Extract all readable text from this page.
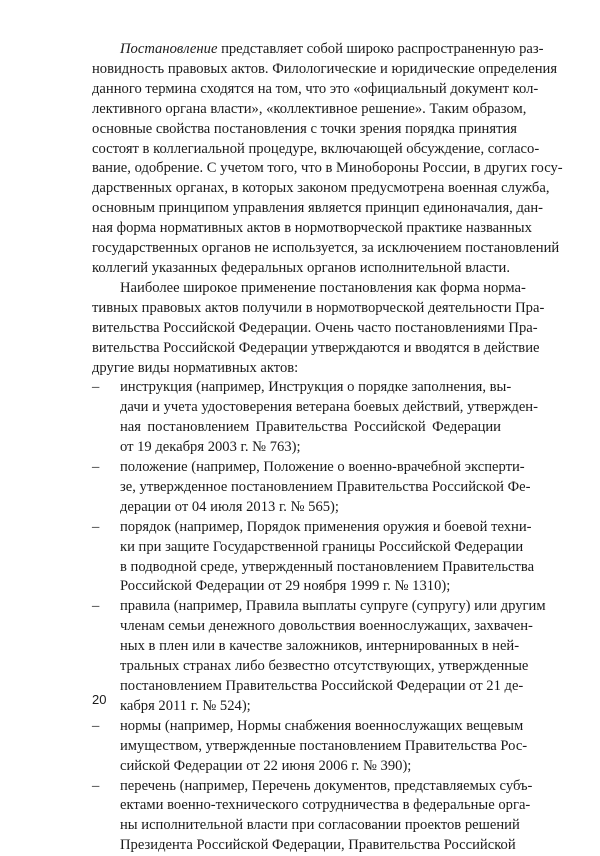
Постановление представляет собой широко распространенную раз-
новидность правовых актов. Филологические и юридические определения
данного термина сходятся на том, что это «официальный документ кол-
лективного органа власти», «коллективное решение». Таким образом,
основные свойства постановления с точки зрения порядка принятия
состоят в коллегиальной процедуре, включающей обсуждение, согласо-
вание, одобрение. С учетом того, что в Минобороны России, в других госу-
дарственных органах, в которых законом предусмотрена военная служба,
основным принципом управления является принцип единоначалия, дан-
ная форма нормативных актов в нормотворческой практике названных
государственных органов не используется, за исключением постановлений
коллегий указанных федеральных органов исполнительной власти.
Наиболее широкое применение постановления как форма норма-
тивных правовых актов получили в нормотворческой деятельности Пра-
вительства Российской Федерации. Очень часто постановлениями Пра-
вительства Российской Федерации утверждаются и вводятся в действие
другие виды нормативных актов:
– инструкция (например, Инструкция о порядке заполнения, вы-
дачи и учета удостоверения ветерана боевых действий, утвержден-
ная постановлением Правительства Российской Федерации
от 19 декабря 2003 г. № 763);
– положение (например, Положение о военно-врачебной эксперти-
зе, утвержденное постановлением Правительства Российской Фе-
дерации от 04 июля 2013 г. № 565);
– порядок (например, Порядок применения оружия и боевой техни-
ки при защите Государственной границы Российской Федерации
в подводной среде, утвержденный постановлением Правительства
Российской Федерации от 29 ноября 1999 г. № 1310);
– правила (например, Правила выплаты супруге (супругу) или другим
членам семьи денежного довольствия военнослужащих, захвачен-
ных в плен или в качестве заложников, интернированных в ней-
тральных странах либо безвестно отсутствующих, утвержденные
постановлением Правительства Российской Федерации от 21 де-
кабря 2011 г. № 524);
– нормы (например, Нормы снабжения военнослужащих вещевым
имуществом, утвержденные постановлением Правительства Рос-
сийской Федерации от 22 июня 2006 г. № 390);
– перечень (например, Перечень документов, представляемых субъ-
ектами военно-технического сотрудничества в федеральные орга-
ны исполнительной власти при согласовании проектов решений
Президента Российской Федерации, Правительства Российской
20
